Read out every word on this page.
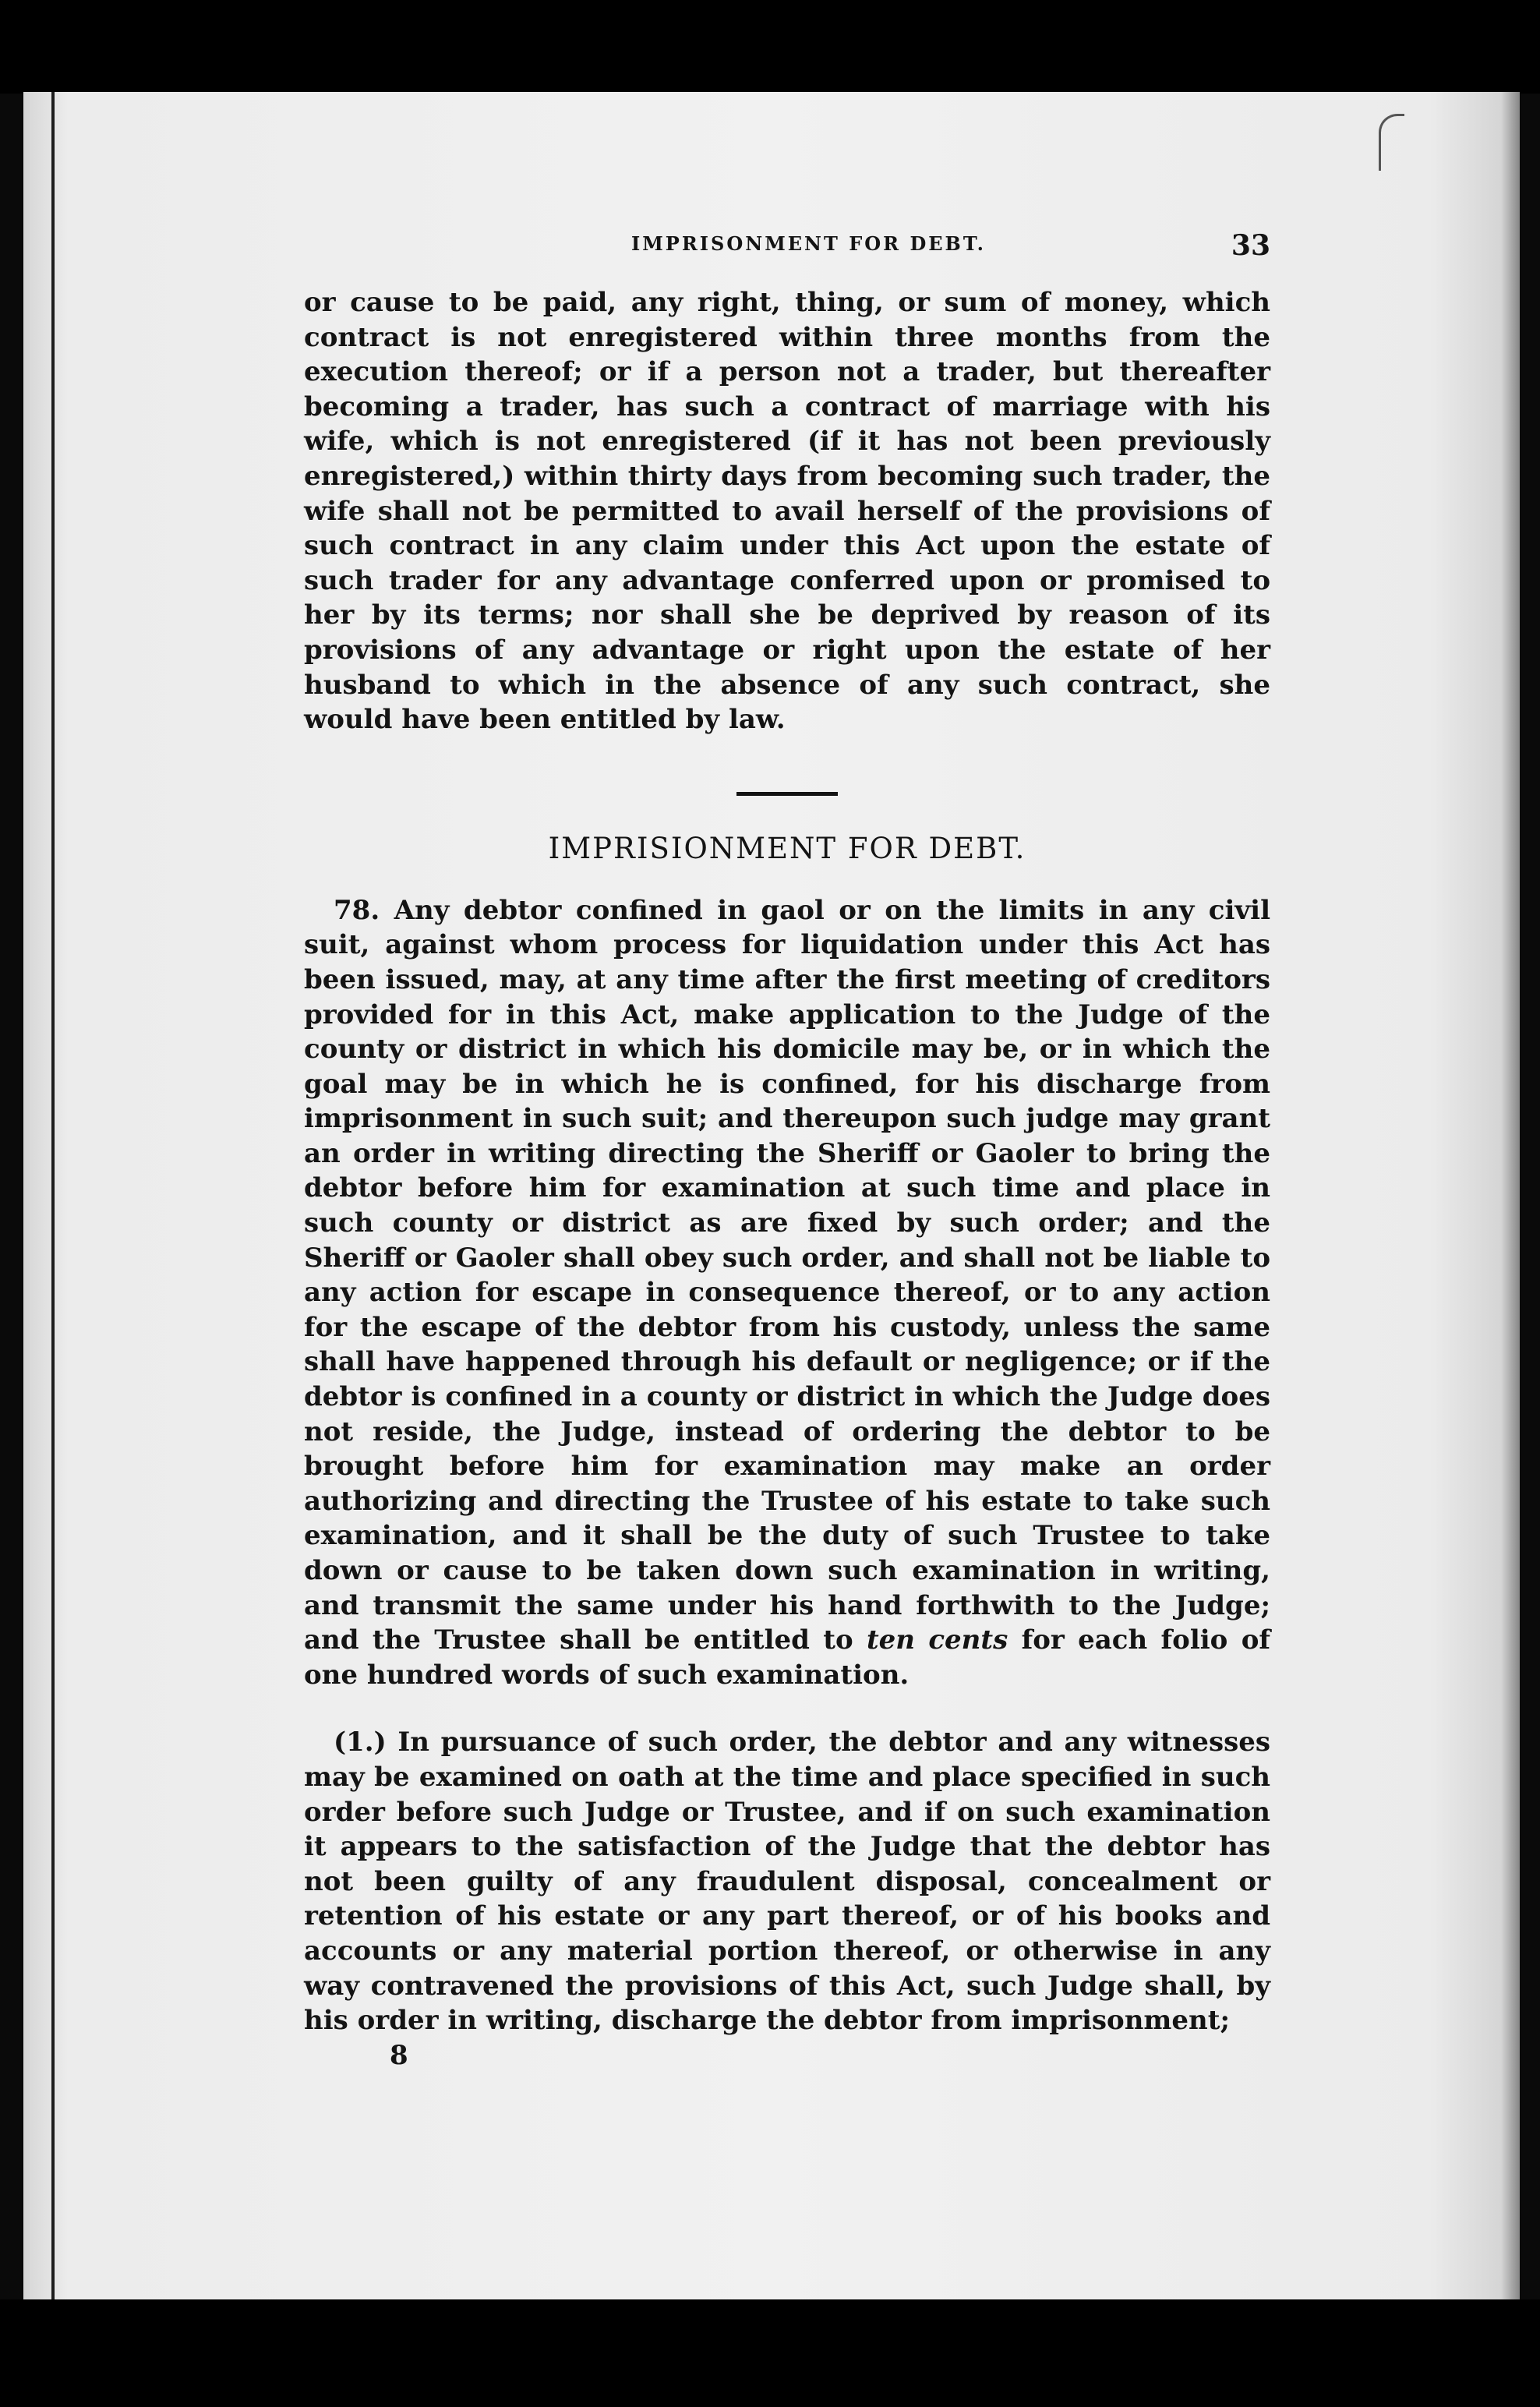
IMPRISONMENT FOR DEBT.	33

or cause to be paid, any right, thing, or sum of money, which contract is not enregistered within three months from the execution thereof; or if a person not a trader, but thereafter becoming a trader, has such a contract of marriage with his wife, which is not enregistered (if it has not been previously enregistered,) within thirty days from becoming such trader, the wife shall not be permitted to avail herself of the provisions of such contract in any claim under this Act upon the estate of such trader for any advantage conferred upon or promised to her by its terms; nor shall she be deprived by reason of its provisions of any advantage or right upon the estate of her husband to which in the absence of any such contract, she would have been entitled by law.

IMPRISIONMENT FOR DEBT.

78. Any debtor confined in gaol or on the limits in any civil suit, against whom process for liquidation under this Act has been issued, may, at any time after the first meeting of creditors provided for in this Act, make application to the Judge of the county or district in which his domicile may be, or in which the goal may be in which he is confined, for his discharge from imprisonment in such suit; and thereupon such judge may grant an order in writing directing the Sheriff or Gaoler to bring the debtor before him for examination at such time and place in such county or district as are fixed by such order; and the Sheriff or Gaoler shall obey such order, and shall not be liable to any action for escape in consequence thereof, or to any action for the escape of the debtor from his custody, unless the same shall have happened through his default or negligence; or if the debtor is confined in a county or district in which the Judge does not reside, the Judge, instead of ordering the debtor to be brought before him for examination may make an order authorizing and directing the Trustee of his estate to take such examination, and it shall be the duty of such Trustee to take down or cause to be taken down such examination in writing, and transmit the same under his hand forthwith to the Judge; and the Trustee shall be entitled to ten cents for each folio of one hundred words of such examination.

(1.) In pursuance of such order, the debtor and any witnesses may be examined on oath at the time and place specified in such order before such Judge or Trustee, and if on such examination it appears to the satisfaction of the Judge that the debtor has not been guilty of any fraudulent disposal, concealment or retention of his estate or any part thereof, or of his books and accounts or any material portion thereof, or otherwise in any way contravened the provisions of this Act, such Judge shall, by his order in writing, discharge the debtor from imprisonment;

8
